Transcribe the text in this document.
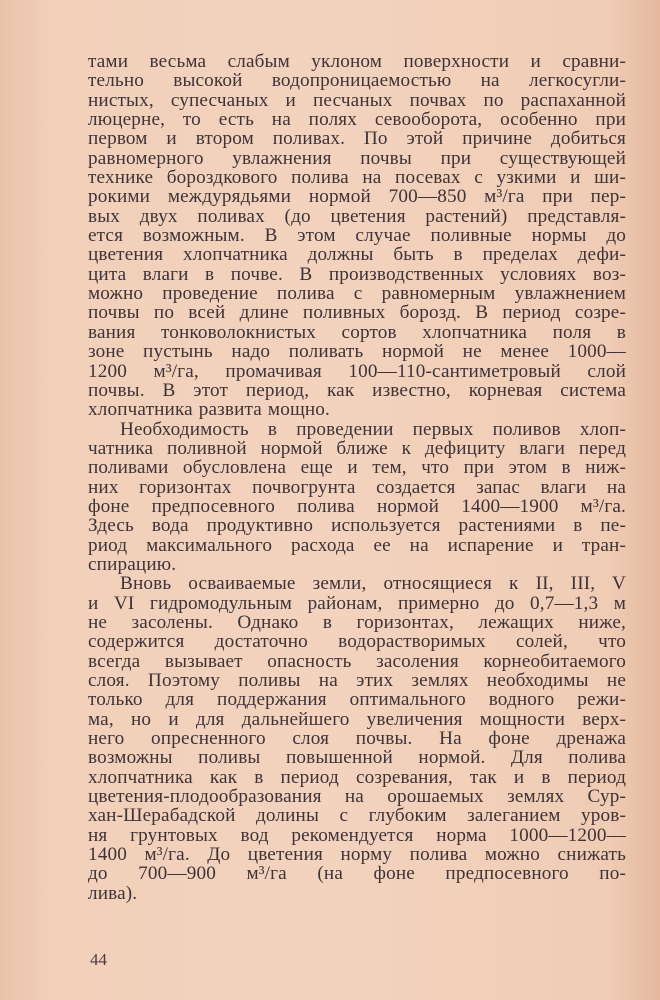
тами весьма слабым уклоном поверхности и сравни-
тельно высокой водопроницаемостью на легкосугли-
нистых, супесчаных и песчаных почвах по распаханной
люцерне, то есть на полях севооборота, особенно при
первом и втором поливах. По этой причине добиться
равномерного увлажнения почвы при существующей
технике бороздкового полива на посевах с узкими и ши-
рокими междурядьями нормой 700—850 м³/га при пер-
вых двух поливах (до цветения растений) представля-
ется возможным. В этом случае поливные нормы до
цветения хлопчатника должны быть в пределах дефи-
цита влаги в почве. В производственных условиях воз-
можно проведение полива с равномерным увлажнением
почвы по всей длине поливных борозд. В период созре-
вания тонковолокнистых сортов хлопчатника поля в
зоне пустынь надо поливать нормой не менее 1000—
1200 м³/га, промачивая 100—110-сантиметровый слой
почвы. В этот период, как известно, корневая система
хлопчатника развита мощно.
Необходимость в проведении первых поливов хлоп-
чатника поливной нормой ближе к дефициту влаги перед
поливами обусловлена еще и тем, что при этом в ниж-
них горизонтах почвогрунта создается запас влаги на
фоне предпосевного полива нормой 1400—1900 м³/га.
Здесь вода продуктивно используется растениями в пе-
риод максимального расхода ее на испарение и тран-
спирацию.
Вновь осваиваемые земли, относящиеся к II, III, V
и VI гидромодульным районам, примерно до 0,7—1,3 м
не засолены. Однако в горизонтах, лежащих ниже,
содержится достаточно водорастворимых солей, что
всегда вызывает опасность засоления корнеобитаемого
слоя. Поэтому поливы на этих землях необходимы не
только для поддержания оптимального водного режи-
ма, но и для дальнейшего увеличения мощности верх-
него опресненного слоя почвы. На фоне дренажа
возможны поливы повышенной нормой. Для полива
хлопчатника как в период созревания, так и в период
цветения-плодообразования на орошаемых землях Сур-
хан-Шерабадской долины с глубоким залеганием уров-
ня грунтовых вод рекомендуется норма 1000—1200—
1400 м³/га. До цветения норму полива можно снижать
до 700—900 м³/га (на фоне предпосевного по-
лива).
44
